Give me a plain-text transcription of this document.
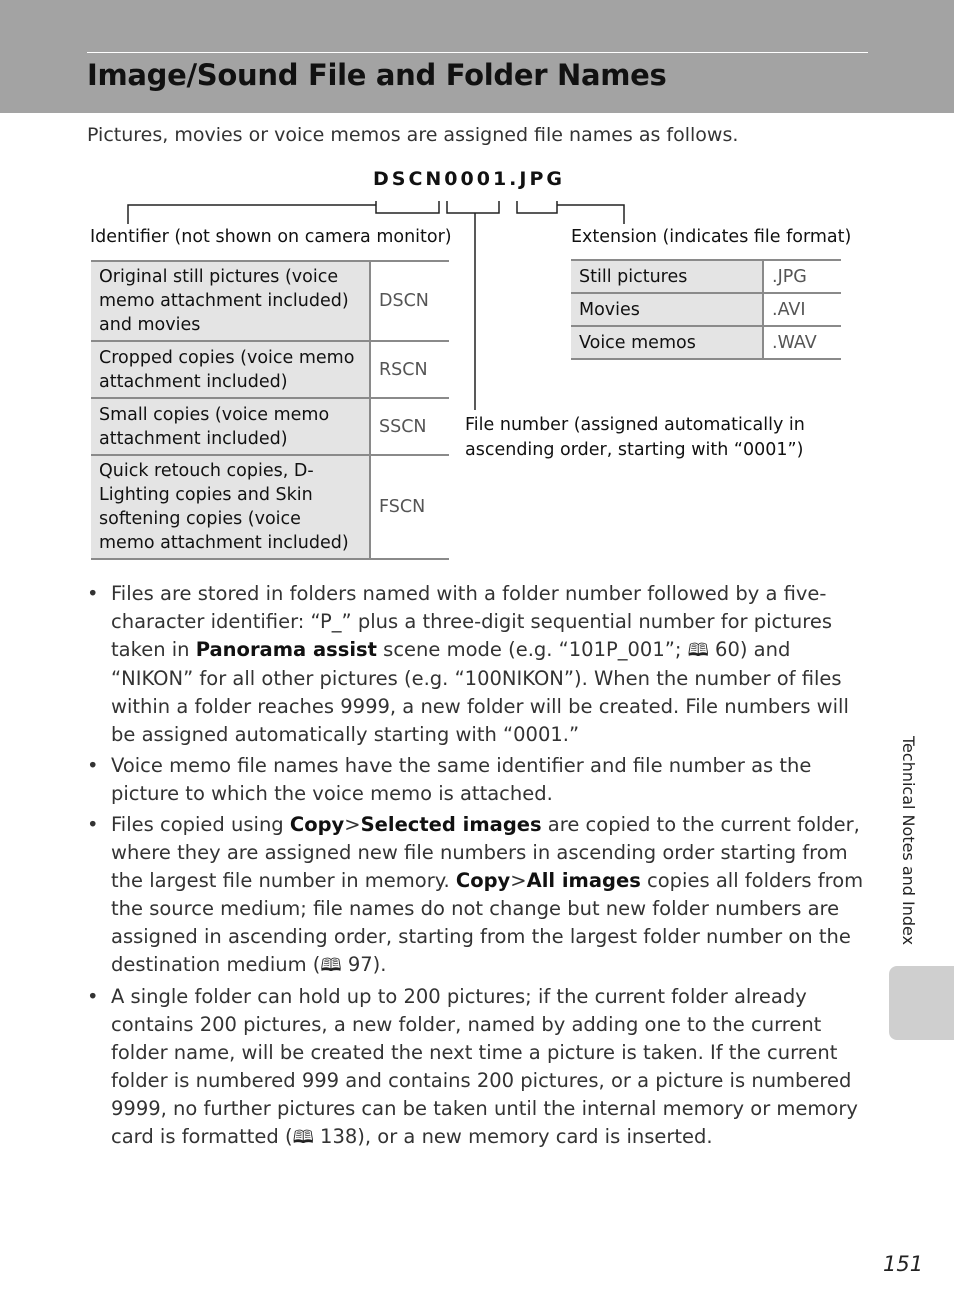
Image/Sound File and Folder Names
Pictures, movies or voice memos are assigned file names as follows.
DSCN0001.JPG
Identifier (not shown on camera monitor)	Extension (indicates file format)
File number (assigned automatically in
ascending order, starting with “0001”)
Original still pictures (voice memo attachment included) and movies	DSCN
Cropped copies (voice memo attachment included)	RSCN
Small copies (voice memo attachment included)	SSCN
Quick retouch copies, D-Lighting copies and Skin softening copies (voice memo attachment included)	FSCN
Still pictures	.JPG
Movies	.AVI
Voice memos	.WAV
• Files are stored in folders named with a folder number followed by a five-character identifier: “P_” plus a three-digit sequential number for pictures taken in Panorama assist scene mode (e.g. “101P_001”; 🕮 60) and “NIKON” for all other pictures (e.g. “100NIKON”). When the number of files within a folder reaches 9999, a new folder will be created. File numbers will be assigned automatically starting with “0001.”
• Voice memo file names have the same identifier and file number as the picture to which the voice memo is attached.
• Files copied using Copy>Selected images are copied to the current folder, where they are assigned new file numbers in ascending order starting from the largest file number in memory. Copy>All images copies all folders from the source medium; file names do not change but new folder numbers are assigned in ascending order, starting from the largest folder number on the destination medium (🕮 97).
• A single folder can hold up to 200 pictures; if the current folder already contains 200 pictures, a new folder, named by adding one to the current folder name, will be created the next time a picture is taken. If the current folder is numbered 999 and contains 200 pictures, or a picture is numbered 9999, no further pictures can be taken until the internal memory or memory card is formatted (🕮 138), or a new memory card is inserted.
Technical Notes and Index
151
